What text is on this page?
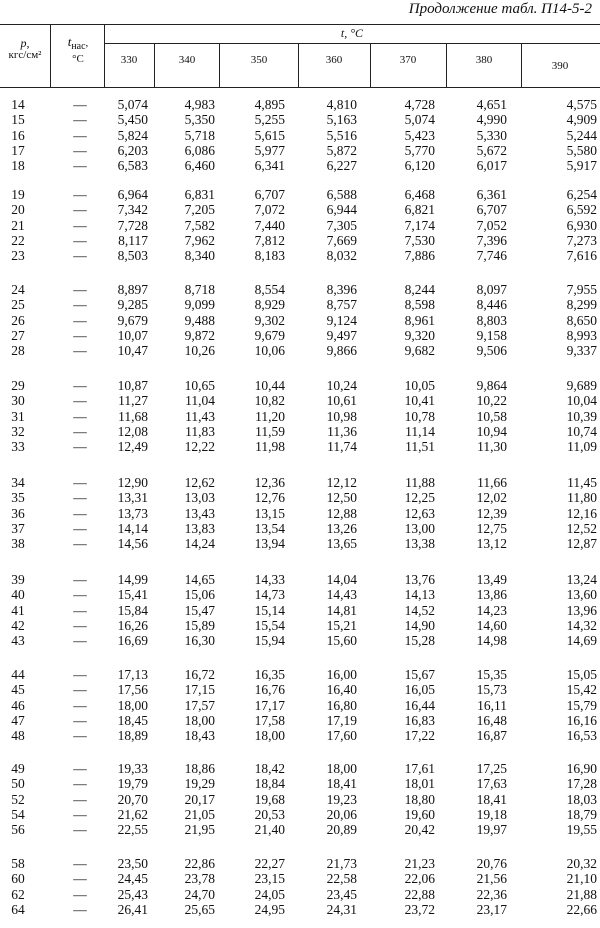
Продолжение табл. П14-5-2
p,
кгс/см²
$t_{нас}$,
°C
t, °C
330	340	350	360	370	380	390
14	—	5,074	4,983	4,895	4,810	4,728	4,651	4,575
15	—	5,450	5,350	5,255	5,163	5,074	4,990	4,909
16	—	5,824	5,718	5,615	5,516	5,423	5,330	5,244
17	—	6,203	6,086	5,977	5,872	5,770	5,672	5,580
18	—	6,583	6,460	6,341	6,227	6,120	6,017	5,917
19	—	6,964	6,831	6,707	6,588	6,468	6,361	6,254
20	—	7,342	7,205	7,072	6,944	6,821	6,707	6,592
21	—	7,728	7,582	7,440	7,305	7,174	7,052	6,930
22	—	8,117	7,962	7,812	7,669	7,530	7,396	7,273
23	—	8,503	8,340	8,183	8,032	7,886	7,746	7,616
24	—	8,897	8,718	8,554	8,396	8,244	8,097	7,955
25	—	9,285	9,099	8,929	8,757	8,598	8,446	8,299
26	—	9,679	9,488	9,302	9,124	8,961	8,803	8,650
27	—	10,07	9,872	9,679	9,497	9,320	9,158	8,993
28	—	10,47	10,26	10,06	9,866	9,682	9,506	9,337
29	—	10,87	10,65	10,44	10,24	10,05	9,864	9,689
30	—	11,27	11,04	10,82	10,61	10,41	10,22	10,04
31	—	11,68	11,43	11,20	10,98	10,78	10,58	10,39
32	—	12,08	11,83	11,59	11,36	11,14	10,94	10,74
33	—	12,49	12,22	11,98	11,74	11,51	11,30	11,09
34	—	12,90	12,62	12,36	12,12	11,88	11,66	11,45
35	—	13,31	13,03	12,76	12,50	12,25	12,02	11,80
36	—	13,73	13,43	13,15	12,88	12,63	12,39	12,16
37	—	14,14	13,83	13,54	13,26	13,00	12,75	12,52
38	—	14,56	14,24	13,94	13,65	13,38	13,12	12,87
39	—	14,99	14,65	14,33	14,04	13,76	13,49	13,24
40	—	15,41	15,06	14,73	14,43	14,13	13,86	13,60
41	—	15,84	15,47	15,14	14,81	14,52	14,23	13,96
42	—	16,26	15,89	15,54	15,21	14,90	14,60	14,32
43	—	16,69	16,30	15,94	15,60	15,28	14,98	14,69
44	—	17,13	16,72	16,35	16,00	15,67	15,35	15,05
45	—	17,56	17,15	16,76	16,40	16,05	15,73	15,42
46	—	18,00	17,57	17,17	16,80	16,44	16,11	15,79
47	—	18,45	18,00	17,58	17,19	16,83	16,48	16,16
48	—	18,89	18,43	18,00	17,60	17,22	16,87	16,53
49	—	19,33	18,86	18,42	18,00	17,61	17,25	16,90
50	—	19,79	19,29	18,84	18,41	18,01	17,63	17,28
52	—	20,70	20,17	19,68	19,23	18,80	18,41	18,03
54	—	21,62	21,05	20,53	20,06	19,60	19,18	18,79
56	—	22,55	21,95	21,40	20,89	20,42	19,97	19,55
58	—	23,50	22,86	22,27	21,73	21,23	20,76	20,32
60	—	24,45	23,78	23,15	22,58	22,06	21,56	21,10
62	—	25,43	24,70	24,05	23,45	22,88	22,36	21,88
64	—	26,41	25,65	24,95	24,31	23,72	23,17	22,66
